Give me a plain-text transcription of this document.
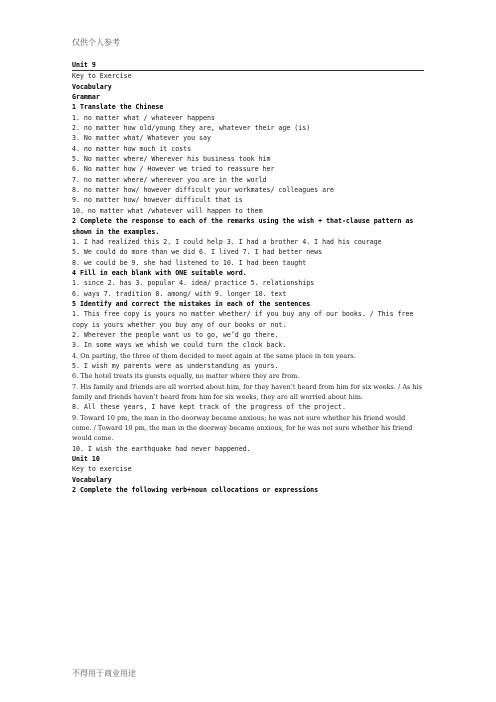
仅供个人参考
Unit 9
Key to Exercise
Vocabulary
Grammar
1 Translate the Chinese
1. no matter what / whatever happens
2. no matter how old/young they are, whatever their age (is)
3. No matter what/ Whatever you say
4. no matter how much it costs
5. No matter where/ Wherever his business took him
6. No matter how / However we tried to reassure her
7. no matter where/ wherever you are in the world
8. no matter how/ however difficult your workmates/ colleagues are
9. no matter how/ however difficult that is
10. no matter what /whatever will happen to them
2 Complete the response to each of the remarks using the wish + that-clause pattern as shown in the examples.
1. I had realized this 2. I could help 3. I had a brother 4. I had his courage
5. We could do more than we did 6. I lived 7. I had better news
8. we could be 9. she had listened to 10. I had been taught
4 Fill in each blank with ONE suitable word.
1. since 2. has 3. popular 4. idea/ practice 5. relationships
6. ways 7. tradition 8. among/ with 9. longer 10. text
5 Identify and correct the mistakes in each of the sentences
1. This free copy is yours no matter whether/ if you buy any of our books. / This free copy is yours whether you buy any of our books or not.
2. Wherever the people want us to go, we’d go there.
3. In some ways we whish we could turn the clock back.
4. On parting, the three of them decided to meet again at the same place in ten years.
5. I wish my parents were as understanding as yours.
6. The hotel treats its guests equally, no matter where they are from.
7. His family and friends are all worried about him, for they haven’t heard from him for six weeks. / As his family and friends haven’t heard from him for six weeks, they are all worried about him.
8. All these years, I have kept track of the progress of the project.
9. Toward 10 pm, the man in the doorway became anxious; he was not sure whether his friend would come. / Toward 10 pm, the man in the doorway became anxious, for he was not sure whether his friend would come.
10. I wish the earthquake had never happened.
Unit 10
Key to exercise
Vocabulary
2 Complete the following verb+noun collocations or expressions
不得用于商业用途
